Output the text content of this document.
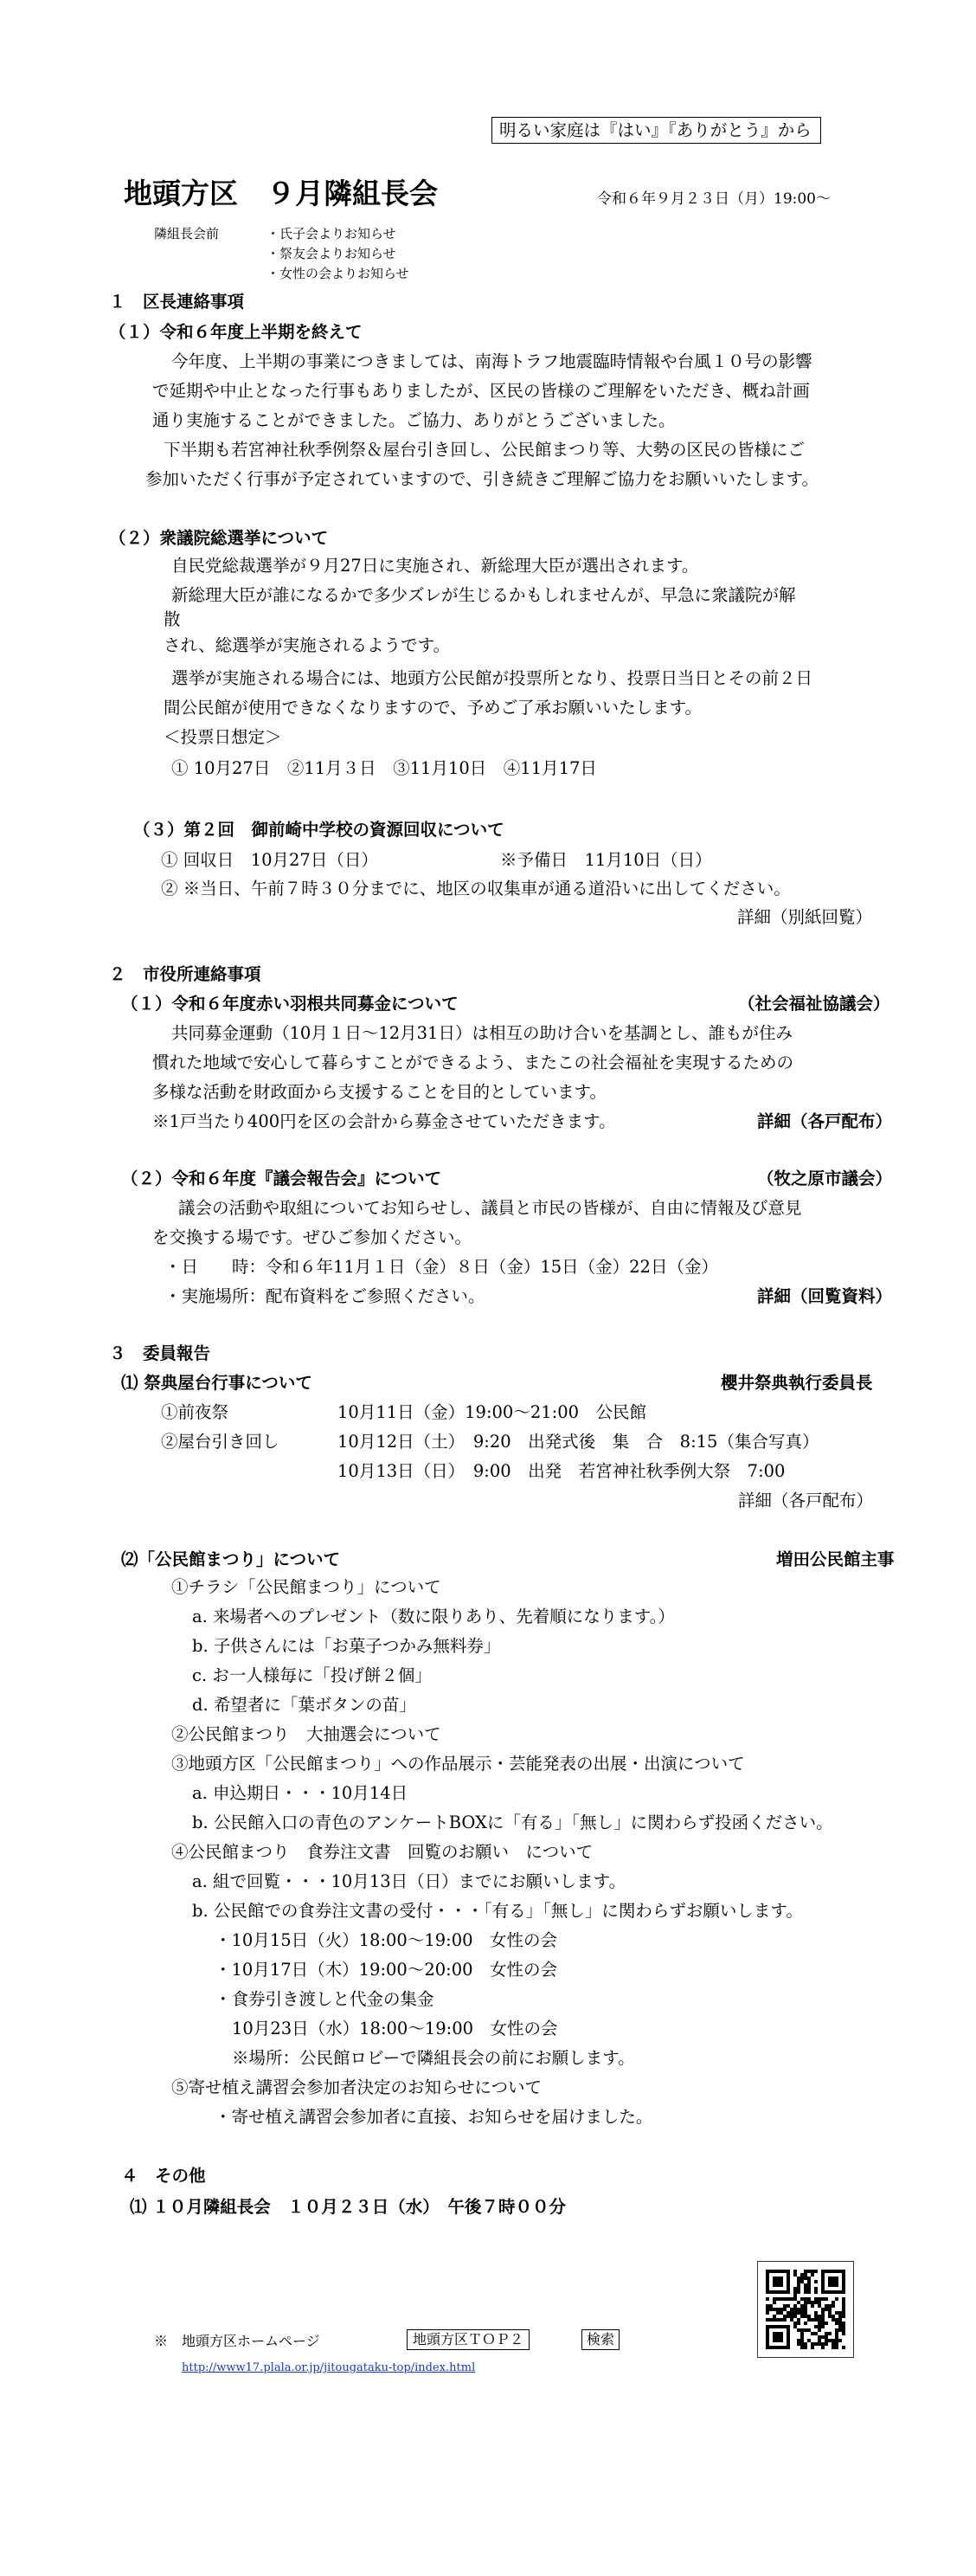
明るい家庭は『はい』『ありがとう』から
地頭方区　９月隣組長会	令和６年９月２３日（月）19:00～
隣組長会前	・氏子会よりお知らせ
・祭友会よりお知らせ
・女性の会よりお知らせ
１　区長連絡事項
（１）令和６年度上半期を終えて
今年度、上半期の事業につきましては、南海トラフ地震臨時情報や台風１０号の影響
で延期や中止となった行事もありましたが、区民の皆様のご理解をいただき、概ね計画
通り実施することができました。ご協力、ありがとうございました。
下半期も若宮神社秋季例祭＆屋台引き回し、公民館まつり等、大勢の区民の皆様にご
参加いただく行事が予定されていますので、引き続きご理解ご協力をお願いいたします。
（２）衆議院総選挙について
自民党総裁選挙が９月27日に実施され、新総理大臣が選出されます。
新総理大臣が誰になるかで多少ズレが生じるかもしれませんが、早急に衆議院が解
散
され、総選挙が実施されるようです。
選挙が実施される場合には、地頭方公民館が投票所となり、投票日当日とその前２日
間公民館が使用できなくなりますので、予めご了承お願いいたします。
＜投票日想定＞
① 10月27日　②11月３日　③11月10日　④11月17日
（３）第２回　御前崎中学校の資源回収について
① 回収日　10月27日（日）	※予備日　11月10日（日）
② ※当日、午前７時３０分までに、地区の収集車が通る道沿いに出してください。
詳細（別紙回覧）
２　市役所連絡事項
（１）令和６年度赤い羽根共同募金について	（社会福祉協議会）
共同募金運動（10月１日～12月31日）は相互の助け合いを基調とし、誰もが住み
慣れた地域で安心して暮らすことができるよう、またこの社会福祉を実現するための
多様な活動を財政面から支援することを目的としています。
※1戸当たり400円を区の会計から募金させていただきます。	詳細（各戸配布）
（２）令和６年度『議会報告会』について	（牧之原市議会）
議会の活動や取組についてお知らせし、議員と市民の皆様が、自由に情報及び意見
を交換する場です。ぜひご参加ください。
・日　　時：令和６年11月１日（金）８日（金）15日（金）22日（金）
・実施場所：配布資料をご参照ください。	詳細（回覧資料）
３　委員報告
⑴ 祭典屋台行事について	櫻井祭典執行委員長
①前夜祭	10月11日（金）19:00～21:00　公民館
②屋台引き回し	10月12日（土）　9:20　出発式後　集　合　8:15（集合写真）
10月13日（日）　9:00　出発　若宮神社秋季例大祭　7:00
詳細（各戸配布）
⑵「公民館まつり」について	増田公民館主事
①チラシ「公民館まつり」について
a. 来場者へのプレゼント（数に限りあり、先着順になります。）
b. 子供さんには「お菓子つかみ無料券」
c. お一人様毎に「投げ餅２個」
d. 希望者に「葉ボタンの苗」
②公民館まつり　大抽選会について
③地頭方区「公民館まつり」への作品展示・芸能発表の出展・出演について
a. 申込期日・・・10月14日
b. 公民館入口の青色のアンケートBOXに「有る」「無し」に関わらず投函ください。
④公民館まつり　食券注文書　回覧のお願い　について
a. 組で回覧・・・10月13日（日）までにお願いします。
b. 公民館での食券注文書の受付・・・「有る」「無し」に関わらずお願いします。
・10月15日（火）18:00～19:00　女性の会
・10月17日（木）19:00～20:00　女性の会
・食券引き渡しと代金の集金
10月23日（水）18:00～19:00　女性の会
※場所：公民館ロビーで隣組長会の前にお願します。
⑤寄せ植え講習会参加者決定のお知らせについて
・寄せ植え講習会参加者に直接、お知らせを届けました。
４　その他
⑴ １０月隣組長会　１０月２３日（水）　午後７時００分
※　地頭方区ホームページ	地頭方区ＴＯＰ２	検索
http://www17.plala.or.jp/jitougataku-top/index.html
